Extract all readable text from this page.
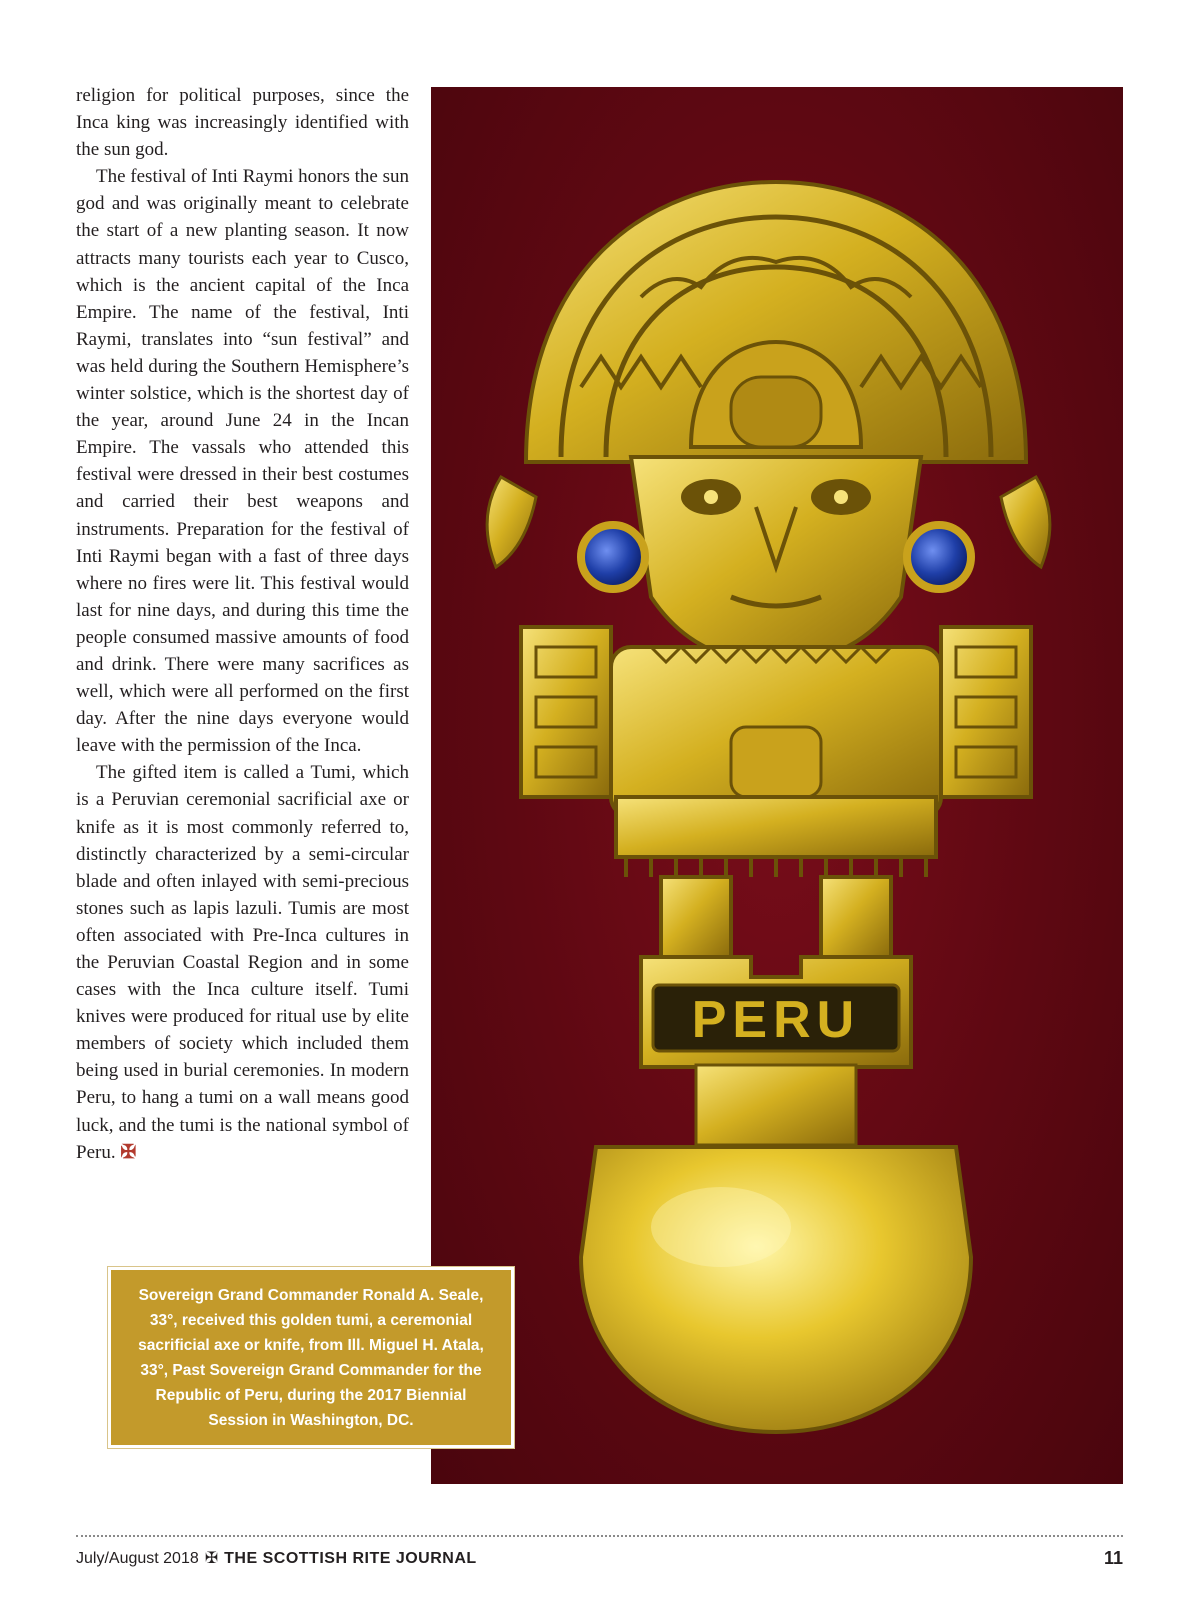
religion for political purposes, since the Inca king was increasingly identified with the sun god.

The festival of Inti Raymi honors the sun god and was originally meant to celebrate the start of a new planting season. It now attracts many tourists each year to Cusco, which is the ancient capital of the Inca Empire. The name of the festival, Inti Raymi, translates into “sun festival” and was held during the Southern Hemisphere’s winter solstice, which is the shortest day of the year, around June 24 in the Incan Empire. The vassals who attended this festival were dressed in their best costumes and carried their best weapons and instruments. Preparation for the festival of Inti Raymi began with a fast of three days where no fires were lit. This festival would last for nine days, and during this time the people consumed massive amounts of food and drink. There were many sacrifices as well, which were all performed on the first day. After the nine days everyone would leave with the permission of the Inca.

The gifted item is called a Tumi, which is a Peruvian ceremonial sacrificial axe or knife as it is most commonly referred to, distinctly characterized by a semi-circular blade and often inlayed with semi-precious stones such as lapis lazuli. Tumis are most often associated with Pre-Inca cultures in the Peruvian Coastal Region and in some cases with the Inca culture itself. Tumi knives were produced for ritual use by elite members of society which included them being used in burial ceremonies. In modern Peru, to hang a tumi on a wall means good luck, and the tumi is the national symbol of Peru. ✠

PERU

Sovereign Grand Commander Ronald A. Seale, 33°, received this golden tumi, a ceremonial sacrificial axe or knife, from Ill. Miguel H. Atala, 33°, Past Sovereign Grand Commander for the Republic of Peru, during the 2017 Biennial Session in Washington, DC.

July/August 2018 ✠ THE SCOTTISH RITE JOURNAL	11
